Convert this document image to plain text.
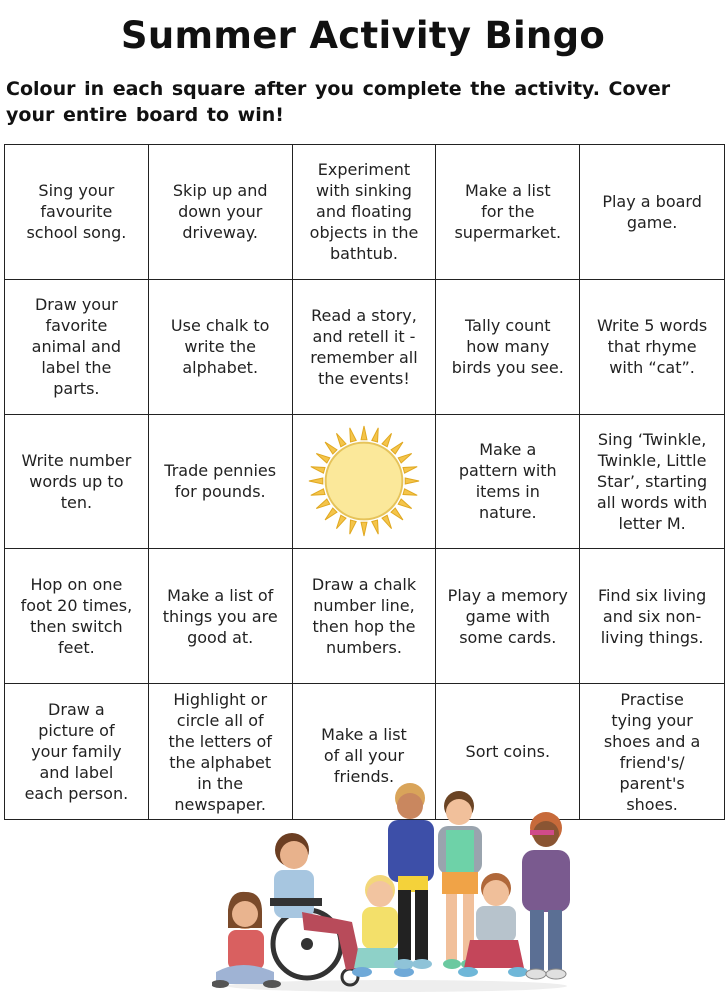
Summer Activity Bingo
Colour in each square after you complete the activity. Cover your entire board to win!
Sing your favourite school song.
Skip up and down your driveway.
Experiment with sinking and floating objects in the bathtub.
Make a list for the supermarket.
Play a board game.
Draw your favorite animal and label the parts.
Use chalk to write the alphabet.
Read a story, and retell it - remember all the events!
Tally count how many birds you see.
Write 5 words that rhyme with “cat”.
Write number words up to ten.
Trade pennies for pounds.
Make a pattern with items in nature.
Sing ‘Twinkle, Twinkle, Little Star’, starting all words with letter M.
Hop on one foot 20 times, then switch feet.
Make a list of things you are good at.
Draw a chalk number line, then hop the numbers.
Play a memory game with some cards.
Find six living and six non-living things.
Draw a picture of your family and label each person.
Highlight or circle all of the letters of the alphabet in the newspaper.
Make a list of all your friends.
Sort coins.
Practise tying your shoes and a friend's/ parent's shoes.
